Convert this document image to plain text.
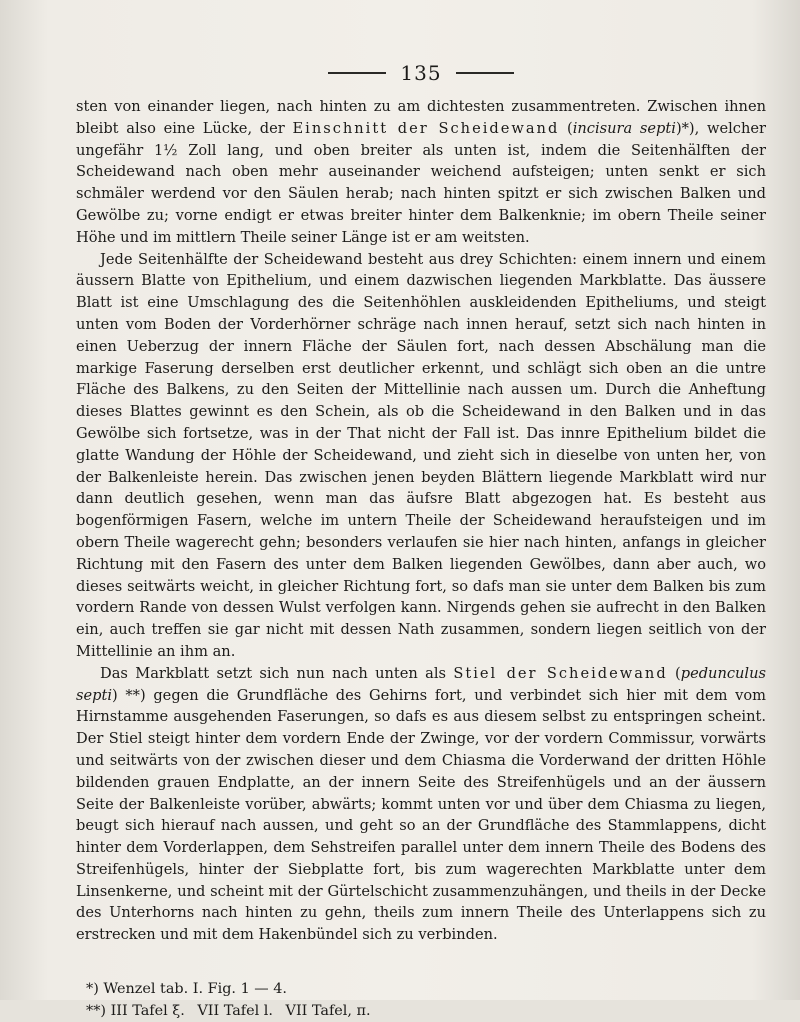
135

sten von einander liegen, nach hinten zu am dichtesten zusammentreten. Zwischen ihnen bleibt also eine Lücke, der Einschnitt der Scheidewand (incisura septi)*), welcher ungefähr 1½ Zoll lang, und oben breiter als unten ist, indem die Seitenhälften der Scheidewand nach oben mehr auseinander weichend aufsteigen; unten senkt er sich schmäler werdend vor den Säulen herab; nach hinten spitzt er sich zwischen Balken und Gewölbe zu; vorne endigt er etwas breiter hinter dem Balkenknie; im obern Theile seiner Höhe und im mittlern Theile seiner Länge ist er am weitsten.

Jede Seitenhälfte der Scheidewand besteht aus drey Schichten: einem innern und einem äussern Blatte von Epithelium, und einem dazwischen liegenden Markblatte. Das äussere Blatt ist eine Umschlagung des die Seitenhöhlen auskleidenden Epitheliums, und steigt unten vom Boden der Vorderhörner schräge nach innen herauf, setzt sich nach hinten in einen Ueberzug der innern Fläche der Säulen fort, nach dessen Abschälung man die markige Faserung derselben erst deutlicher erkennt, und schlägt sich oben an die untre Fläche des Balkens, zu den Seiten der Mittellinie nach aussen um. Durch die Anheftung dieses Blattes gewinnt es den Schein, als ob die Scheidewand in den Balken und in das Gewölbe sich fortsetze, was in der That nicht der Fall ist. Das innre Epithelium bildet die glatte Wandung der Höhle der Scheidewand, und zieht sich in dieselbe von unten her, von der Balkenleiste herein. Das zwischen jenen beyden Blättern liegende Markblatt wird nur dann deutlich gesehen, wenn man das äufsre Blatt abgezogen hat. Es besteht aus bogenförmigen Fasern, welche im untern Theile der Scheidewand heraufsteigen und im obern Theile wagerecht gehn; besonders verlaufen sie hier nach hinten, anfangs in gleicher Richtung mit den Fasern des unter dem Balken liegenden Gewölbes, dann aber auch, wo dieses seitwärts weicht, in gleicher Richtung fort, so dafs man sie unter dem Balken bis zum vordern Rande von dessen Wulst verfolgen kann. Nirgends gehen sie aufrecht in den Balken ein, auch treffen sie gar nicht mit dessen Nath zusammen, sondern liegen seitlich von der Mittellinie an ihm an.

Das Markblatt setzt sich nun nach unten als Stiel der Scheidewand (pedunculus septi) **) gegen die Grundfläche des Gehirns fort, und verbindet sich hier mit dem vom Hirnstamme ausgehenden Faserungen, so dafs es aus diesem selbst zu entspringen scheint. Der Stiel steigt hinter dem vordern Ende der Zwinge, vor der vordern Commissur, vorwärts und seitwärts von der zwischen dieser und dem Chiasma die Vorderwand der dritten Höhle bildenden grauen Endplatte, an der innern Seite des Streifenhügels und an der äussern Seite der Balkenleiste vorüber, abwärts; kommt unten vor und über dem Chiasma zu liegen, beugt sich hierauf nach aussen, und geht so an der Grundfläche des Stammlappens, dicht hinter dem Vorderlappen, dem Sehstreifen parallel unter dem innern Theile des Bodens des Streifenhügels, hinter der Siebplatte fort, bis zum wagerechten Markblatte unter dem Linsenkerne, und scheint mit der Gürtelschicht zusammenzuhängen, und theils in der Decke des Unterhorns nach hinten zu gehn, theils zum innern Theile des Unterlappens sich zu erstrecken und mit dem Hakenbündel sich zu verbinden.

*) Wenzel tab. I. Fig. 1 — 4.

**) III Tafel ξ. VII Tafel l. VII Tafel, π.
